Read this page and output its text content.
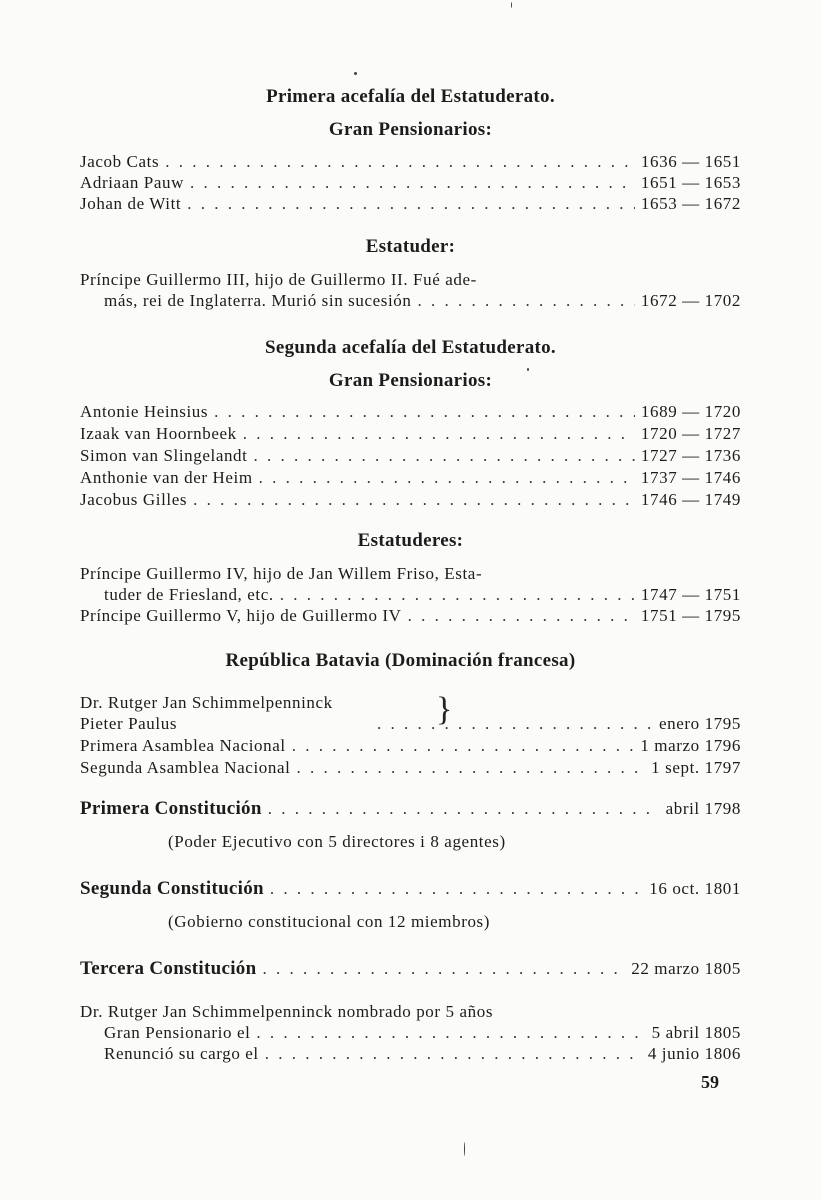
Primera acefalía del Estatuderato.
Gran Pensionarios:
Jacob Cats . . .	1636 — 1651
Adriaan Pauw . . .	1651 — 1653
Johan de Witt . . .	1653 — 1672
Estatuder:
Príncipe Guillermo III, hijo de Guillermo II. Fué ade-
más, rei de Inglaterra. Murió sin sucesión . . .	1672 — 1702
Segunda acefalía del Estatuderato.
Gran Pensionarios:
Antonie Heinsius . . .	1689 — 1720
Izaak van Hoornbeek . . .	1720 — 1727
Simon van Slingelandt . . .	1727 — 1736
Anthonie van der Heim . . .	1737 — 1746
Jacobus Gilles . . .	1746 — 1749
Estatuderes:
Príncipe Guillermo IV, hijo de Jan Willem Friso, Esta-
tuder de Friesland, etc. . . .	1747 — 1751
Príncipe Guillermo V, hijo de Guillermo IV . . .	1751 — 1795
República Batavia (Dominación francesa)
Dr. Rutger Jan Schimmelpenninck	}
Pieter Paulus . . .	enero 1795
Primera Asamblea Nacional . . .	1 marzo 1796
Segunda Asamblea Nacional . . .	1 sept. 1797
Primera Constitución . . .	abril 1798
(Poder Ejecutivo con 5 directores i 8 agentes)
Segunda Constitución . . .	16 oct. 1801
(Gobierno constitucional con 12 miembros)
Tercera Constitución . . .	22 marzo 1805
Dr. Rutger Jan Schimmelpenninck nombrado por 5 años
Gran Pensionario el . . .	5 abril 1805
Renunció su cargo el . . .	4 junio 1806
59
